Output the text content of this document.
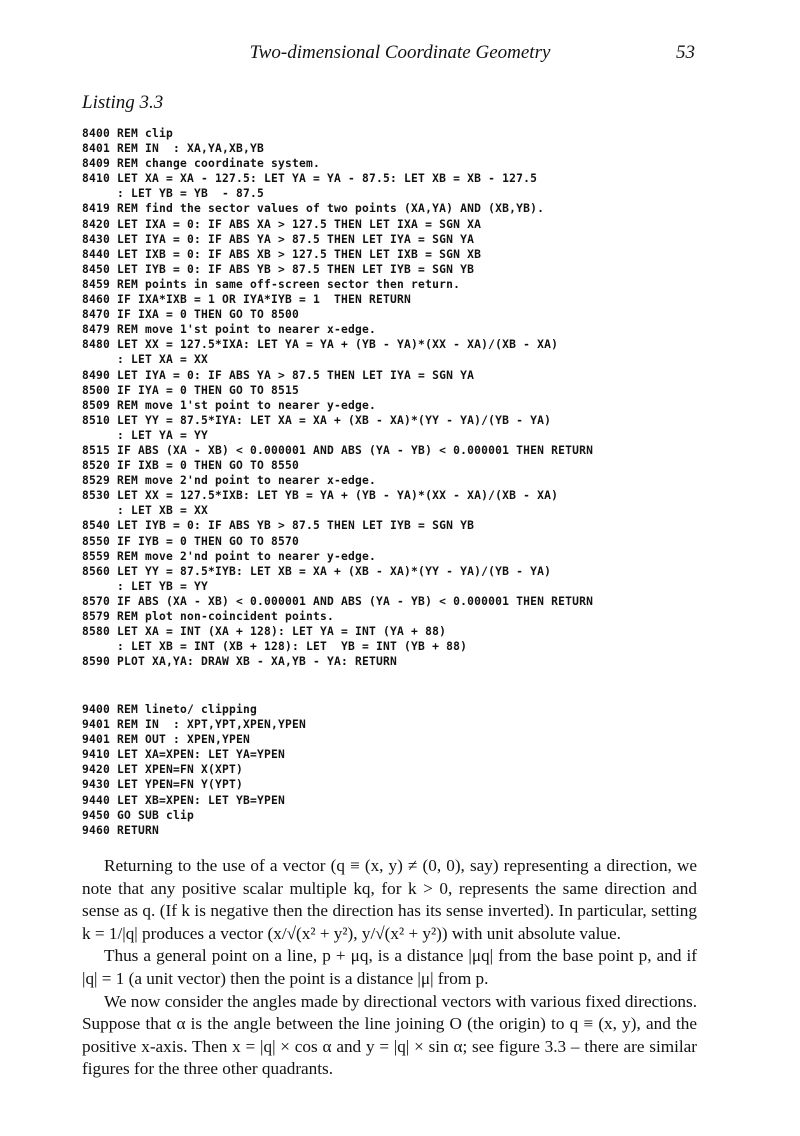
Two-dimensional Coordinate Geometry	53
Listing 3.3
8400 REM clip
8401 REM IN  : XA,YA,XB,YB
8409 REM change coordinate system.
8410 LET XA = XA - 127.5: LET YA = YA - 87.5: LET XB = XB - 127.5
: LET YB = YB  - 87.5
8419 REM find the sector values of two points (XA,YA) AND (XB,YB).
8420 LET IXA = 0: IF ABS XA > 127.5 THEN LET IXA = SGN XA
8430 LET IYA = 0: IF ABS YA > 87.5 THEN LET IYA = SGN YA
8440 LET IXB = 0: IF ABS XB > 127.5 THEN LET IXB = SGN XB
8450 LET IYB = 0: IF ABS YB > 87.5 THEN LET IYB = SGN YB
8459 REM points in same off-screen sector then return.
8460 IF IXA*IXB = 1 OR IYA*IYB = 1  THEN RETURN
8470 IF IXA = 0 THEN GO TO 8500
8479 REM move 1'st point to nearer x-edge.
8480 LET XX = 127.5*IXA: LET YA = YA + (YB - YA)*(XX - XA)/(XB - XA)
: LET XA = XX
8490 LET IYA = 0: IF ABS YA > 87.5 THEN LET IYA = SGN YA
8500 IF IYA = 0 THEN GO TO 8515
8509 REM move 1'st point to nearer y-edge.
8510 LET YY = 87.5*IYA: LET XA = XA + (XB - XA)*(YY - YA)/(YB - YA)
: LET YA = YY
8515 IF ABS (XA - XB) < 0.000001 AND ABS (YA - YB) < 0.000001 THEN RETURN
8520 IF IXB = 0 THEN GO TO 8550
8529 REM move 2'nd point to nearer x-edge.
8530 LET XX = 127.5*IXB: LET YB = YA + (YB - YA)*(XX - XA)/(XB - XA)
: LET XB = XX
8540 LET IYB = 0: IF ABS YB > 87.5 THEN LET IYB = SGN YB
8550 IF IYB = 0 THEN GO TO 8570
8559 REM move 2'nd point to nearer y-edge.
8560 LET YY = 87.5*IYB: LET XB = XA + (XB - XA)*(YY - YA)/(YB - YA)
: LET YB = YY
8570 IF ABS (XA - XB) < 0.000001 AND ABS (YA - YB) < 0.000001 THEN RETURN
8579 REM plot non-coincident points.
8580 LET XA = INT (XA + 128): LET YA = INT (YA + 88)
: LET XB = INT (XB + 128): LET  YB = INT (YB + 88)
8590 PLOT XA,YA: DRAW XB - XA,YB - YA: RETURN
9400 REM lineto/ clipping
9401 REM IN  : XPT,YPT,XPEN,YPEN
9401 REM OUT : XPEN,YPEN
9410 LET XA=XPEN: LET YA=YPEN
9420 LET XPEN=FN X(XPT)
9430 LET YPEN=FN Y(YPT)
9440 LET XB=XPEN: LET YB=YPEN
9450 GO SUB clip
9460 RETURN

Returning to the use of a vector (q ≡ (x, y) ≠ (0, 0), say) representing a direction, we note that any positive scalar multiple kq, for k > 0, represents the same direction and sense as q. (If k is negative then the direction has its sense inverted). In particular, setting k = 1/|q| produces a vector (x/√(x² + y²), y/√(x² + y²)) with unit absolute value.

Thus a general point on a line, p + μq, is a distance |μq| from the base point p, and if |q| = 1 (a unit vector) then the point is a distance |μ| from p.

We now consider the angles made by directional vectors with various fixed directions. Suppose that α is the angle between the line joining O (the origin) to q ≡ (x, y), and the positive x-axis. Then x = |q| × cos α and y = |q| × sin α; see figure 3.3 – there are similar figures for the three other quadrants.
